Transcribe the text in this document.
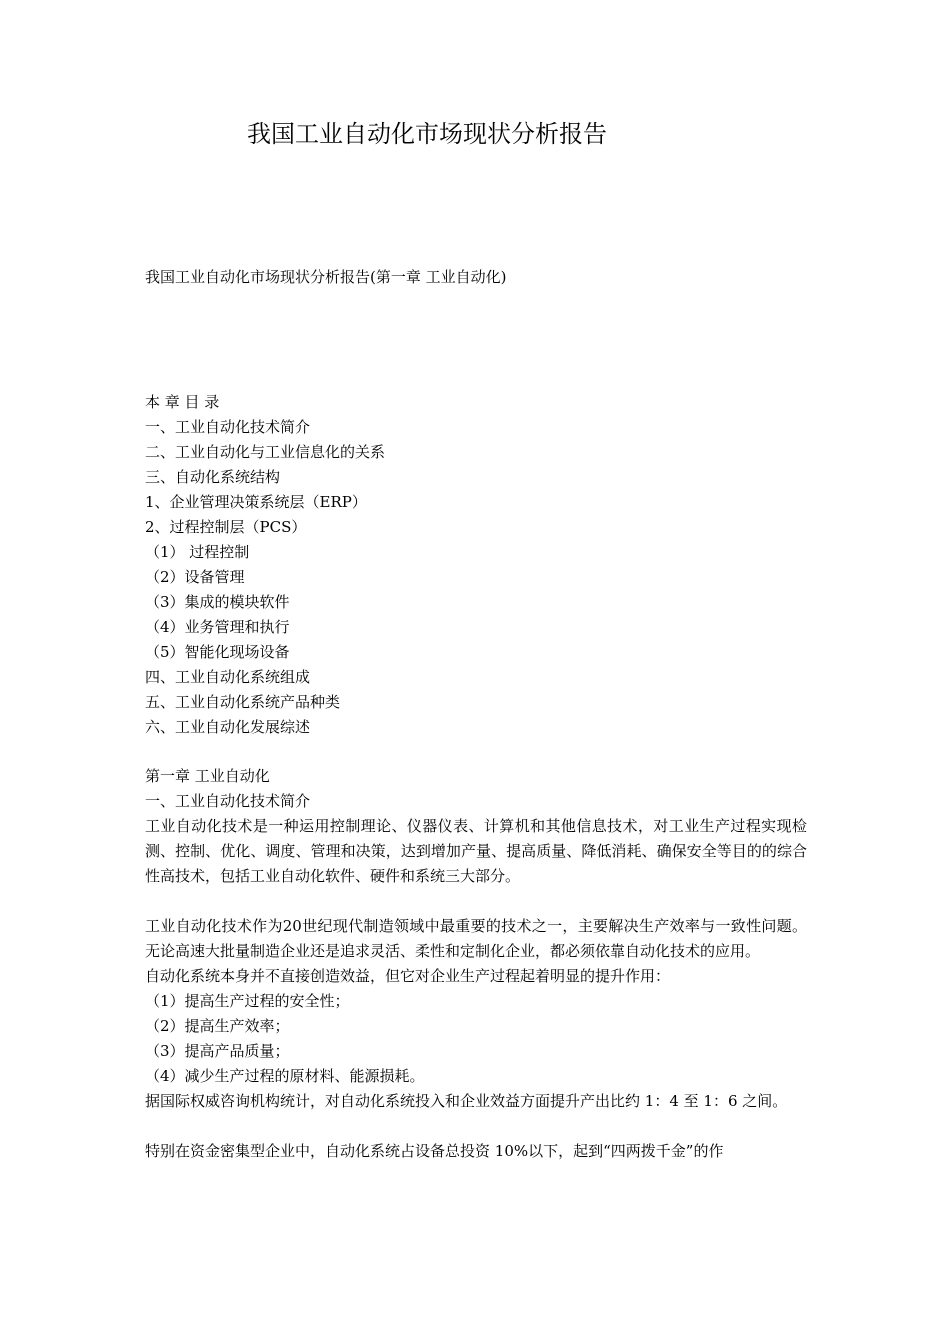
我国工业自动化市场现状分析报告
我国工业自动化市场现状分析报告(第一章 工业自动化)
本 章 目 录
一、工业自动化技术简介
二、工业自动化与工业信息化的关系
三、自动化系统结构
1、企业管理决策系统层（ERP）
2、过程控制层（PCS）
（1） 过程控制
（2）设备管理
（3）集成的模块软件
（4）业务管理和执行
（5）智能化现场设备
四、工业自动化系统组成
五、工业自动化系统产品种类
六、工业自动化发展综述
第一章 工业自动化
一、工业自动化技术简介

工业自动化技术是一种运用控制理论、仪器仪表、计算机和其他信息技术，对工业生产过程实现检测、控制、优化、调度、管理和决策，达到增加产量、提高质量、降低消耗、确保安全等目的的综合性高技术，包括工业自动化软件、硬件和系统三大部分。

工业自动化技术作为20世纪现代制造领域中最重要的技术之一，主要解决生产效率与一致性问题。无论高速大批量制造企业还是追求灵活、柔性和定制化企业，都必须依靠自动化技术的应用。

自动化系统本身并不直接创造效益，但它对企业生产过程起着明显的提升作用：

（1）提高生产过程的安全性；
（2）提高生产效率；
（3）提高产品质量；
（4）减少生产过程的原材料、能源损耗。

据国际权威咨询机构统计，对自动化系统投入和企业效益方面提升产出比约 1：4 至 1：6 之间。

特别在资金密集型企业中，自动化系统占设备总投资 10%以下，起到“四两拨千金”的作
